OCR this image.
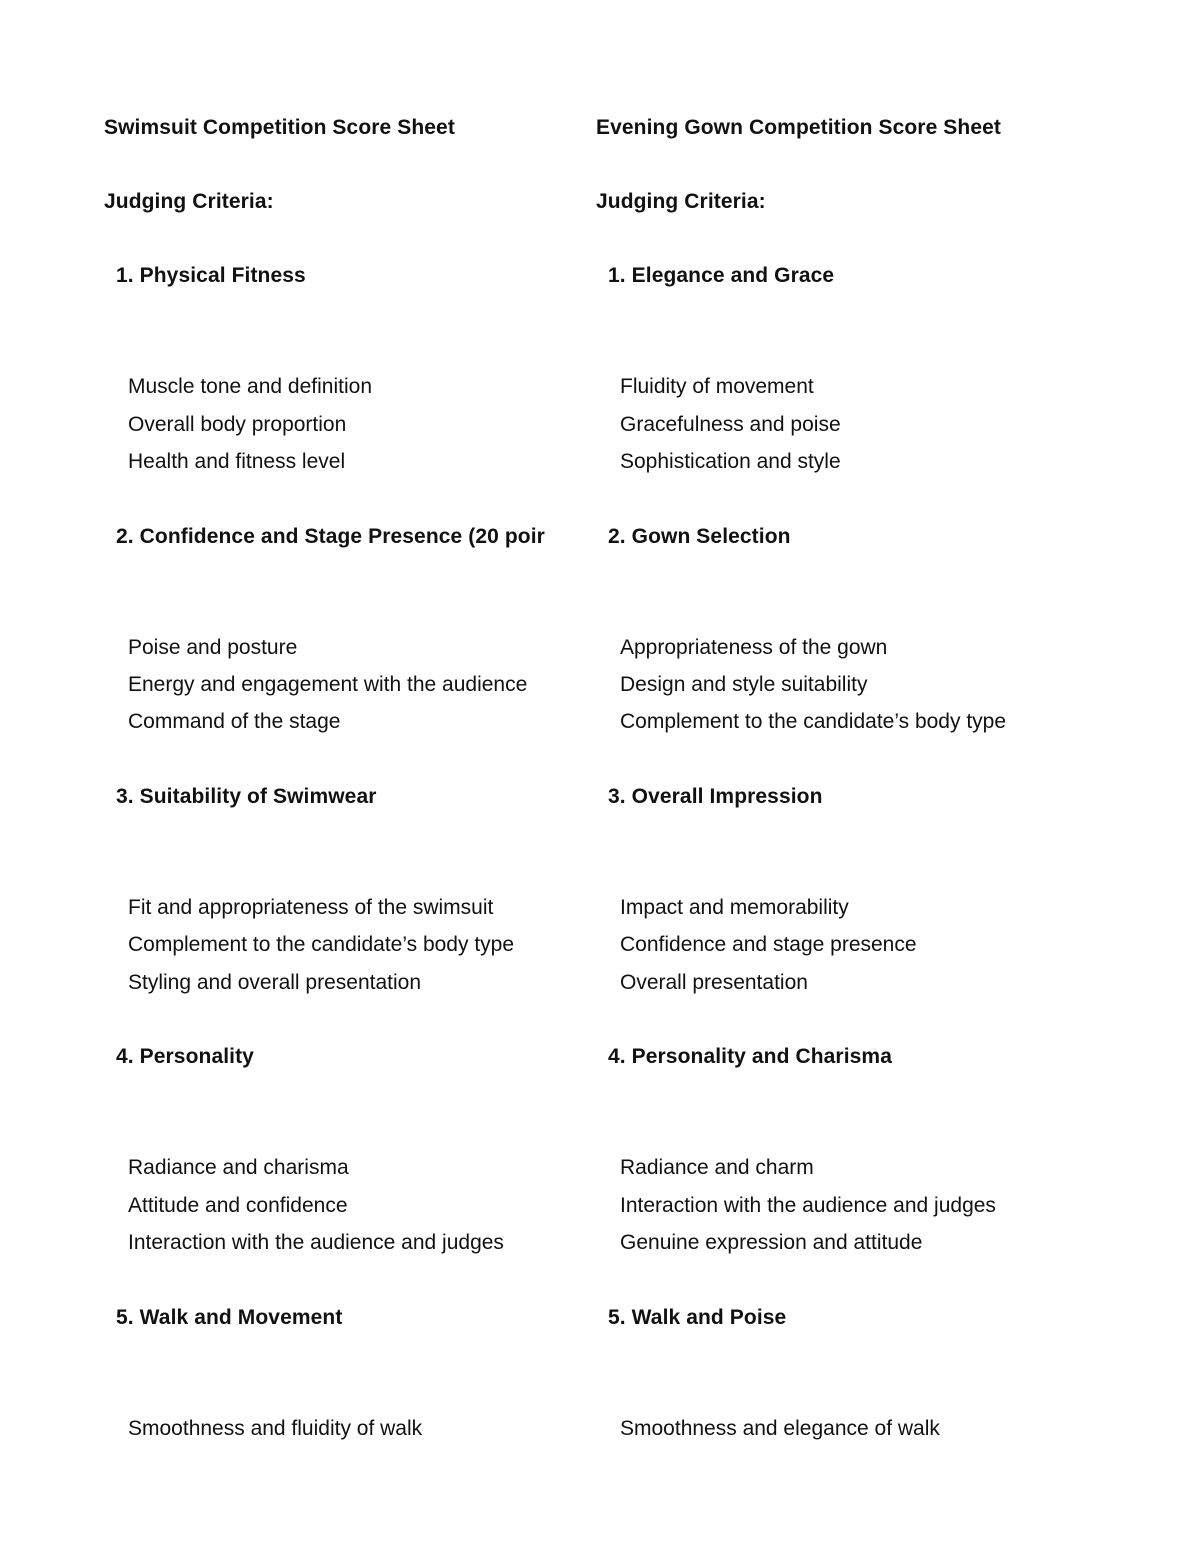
Swimsuit Competition Score Sheet
Judging Criteria:
1. Physical Fitness
Muscle tone and definition
Overall body proportion
Health and fitness level
2. Confidence and Stage Presence (20 poir
Poise and posture
Energy and engagement with the audience
Command of the stage
3. Suitability of Swimwear
Fit and appropriateness of the swimsuit
Complement to the candidate’s body type
Styling and overall presentation
4. Personality
Radiance and charisma
Attitude and confidence
Interaction with the audience and judges
5. Walk and Movement
Smoothness and fluidity of walk
Evening Gown Competition Score Sheet
Judging Criteria:
1. Elegance and Grace
Fluidity of movement
Gracefulness and poise
Sophistication and style
2. Gown Selection
Appropriateness of the gown
Design and style suitability
Complement to the candidate’s body type
3. Overall Impression
Impact and memorability
Confidence and stage presence
Overall presentation
4. Personality and Charisma
Radiance and charm
Interaction with the audience and judges
Genuine expression and attitude
5. Walk and Poise
Smoothness and elegance of walk
